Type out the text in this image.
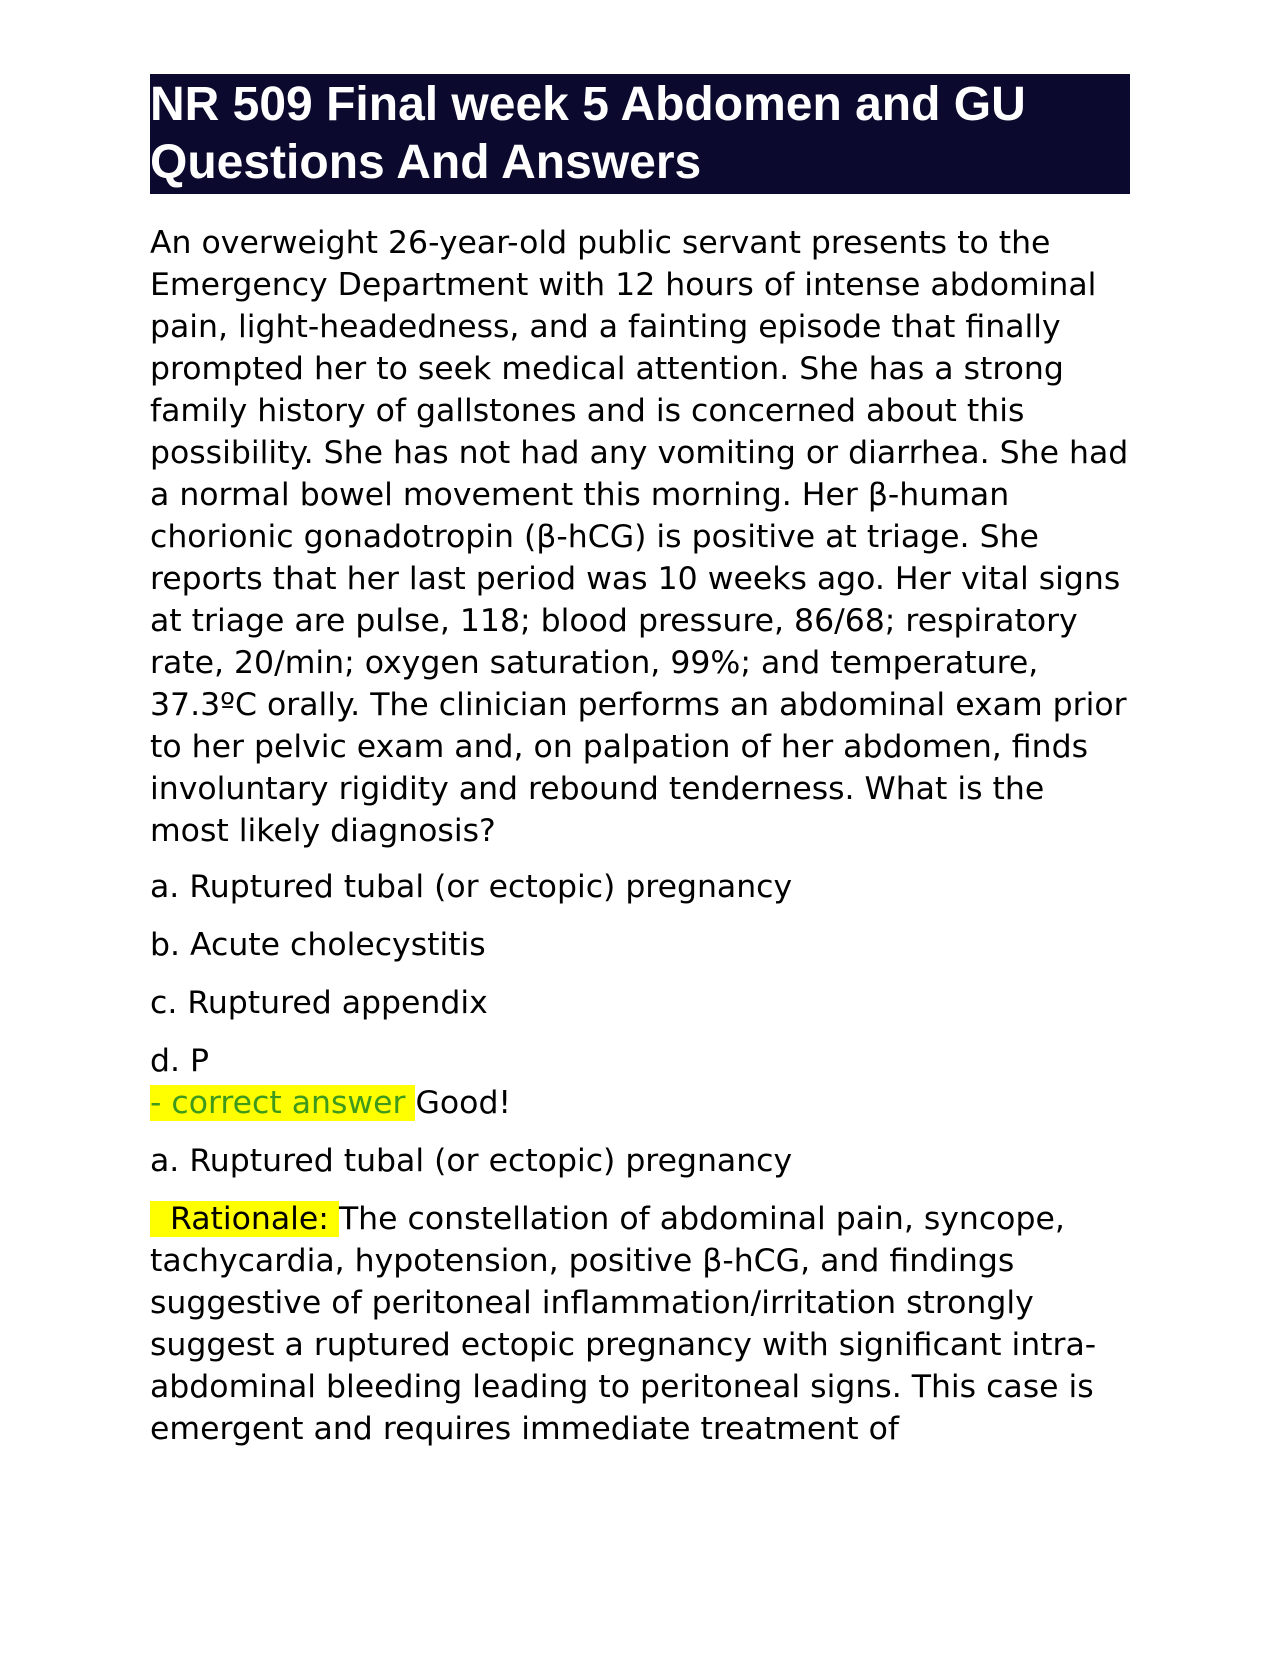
NR 509 Final week 5 Abdomen and GU
Questions And Answers

An overweight 26-year-old public servant presents to the Emergency Department with 12 hours of intense abdominal pain, light-headedness, and a fainting episode that finally prompted her to seek medical attention. She has a strong family history of gallstones and is concerned about this possibility. She has not had any vomiting or diarrhea. She had a normal bowel movement this morning. Her β-human chorionic gonadotropin (β-hCG) is positive at triage. She reports that her last period was 10 weeks ago. Her vital signs at triage are pulse, 118; blood pressure, 86/68; respiratory rate, 20/min; oxygen saturation, 99%; and temperature, 37.3ºC orally. The clinician performs an abdominal exam prior to her pelvic exam and, on palpation of her abdomen, finds involuntary rigidity and rebound tenderness. What is the most likely diagnosis?

a. Ruptured tubal (or ectopic) pregnancy

b. Acute cholecystitis

c. Ruptured appendix

d. P

- correct answer Good!

a. Ruptured tubal (or ectopic) pregnancy

Rationale: The constellation of abdominal pain, syncope, tachycardia, hypotension, positive β-hCG, and findings suggestive of peritoneal inflammation/irritation strongly suggest a ruptured ectopic pregnancy with significant intra-abdominal bleeding leading to peritoneal signs. This case is emergent and requires immediate treatment of
